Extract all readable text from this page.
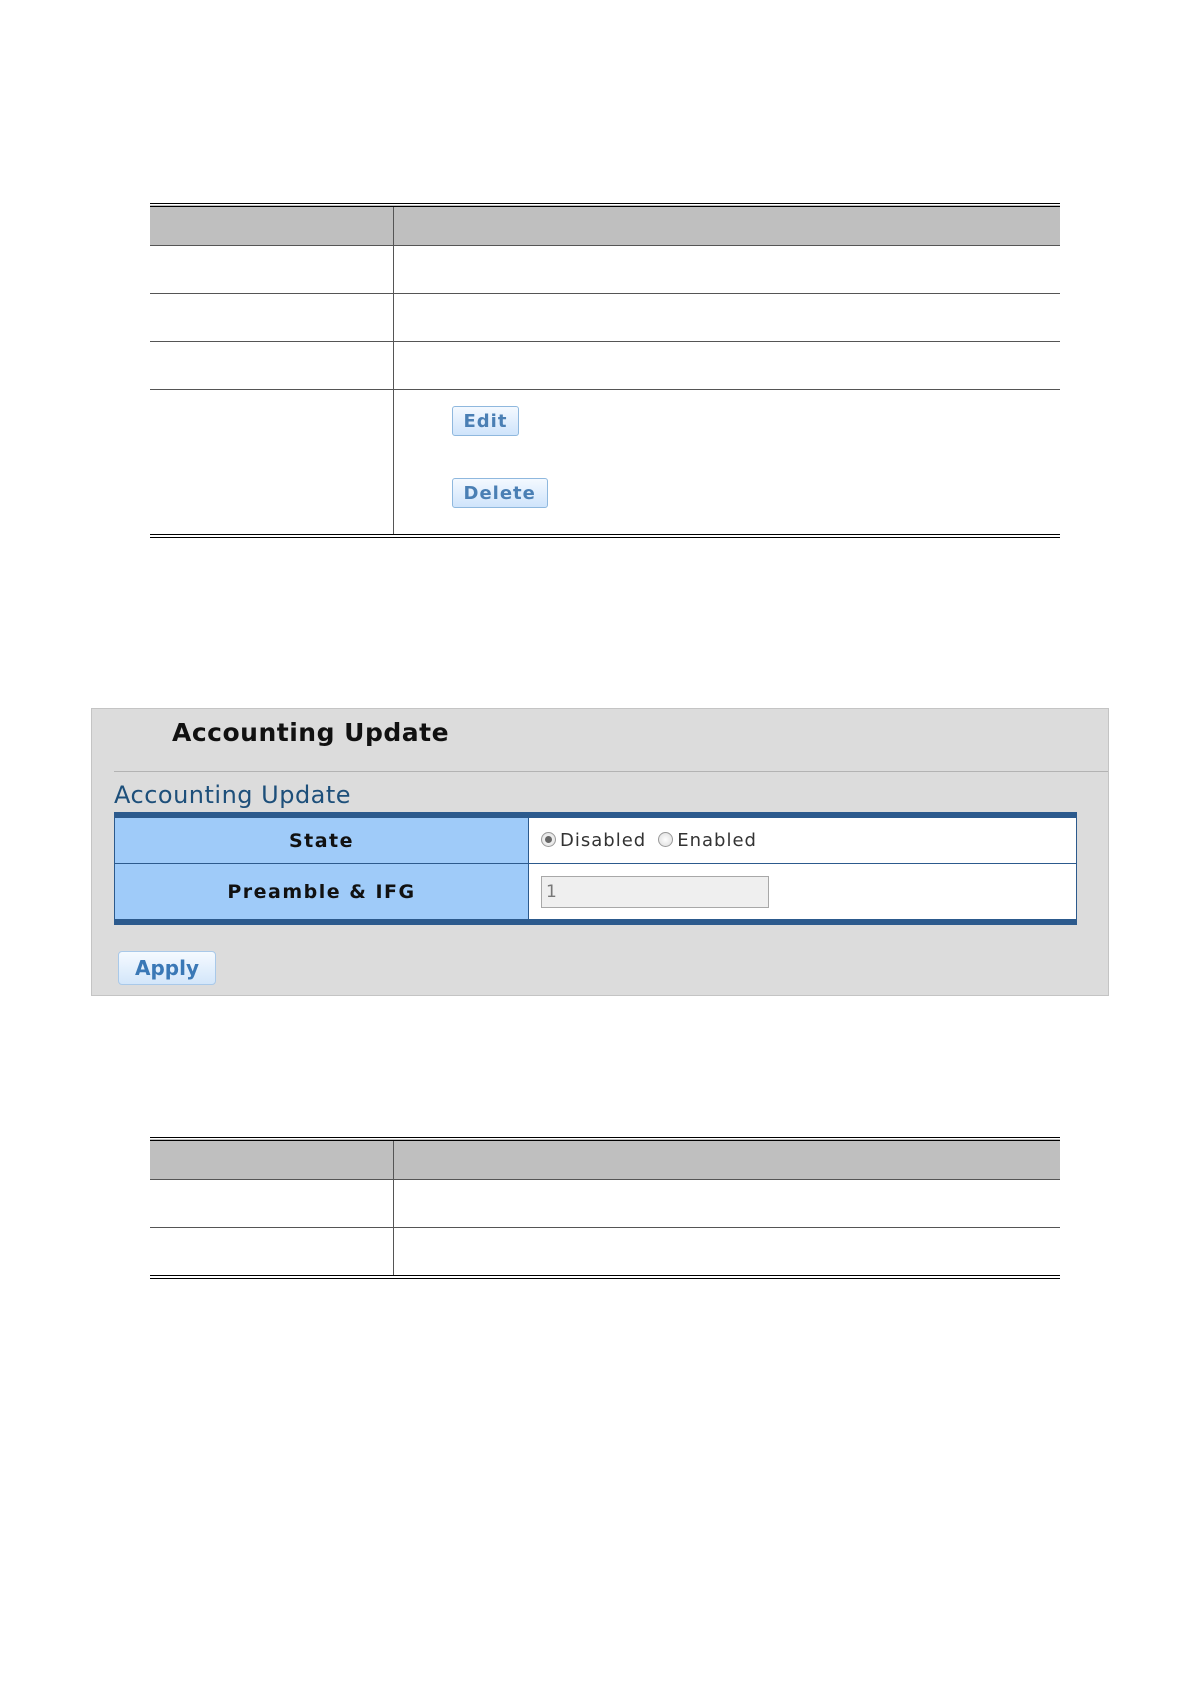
	Edit
Delete
Accounting Update
Accounting Update
State	Disabled Enabled
Preamble & IFG	1
Apply
